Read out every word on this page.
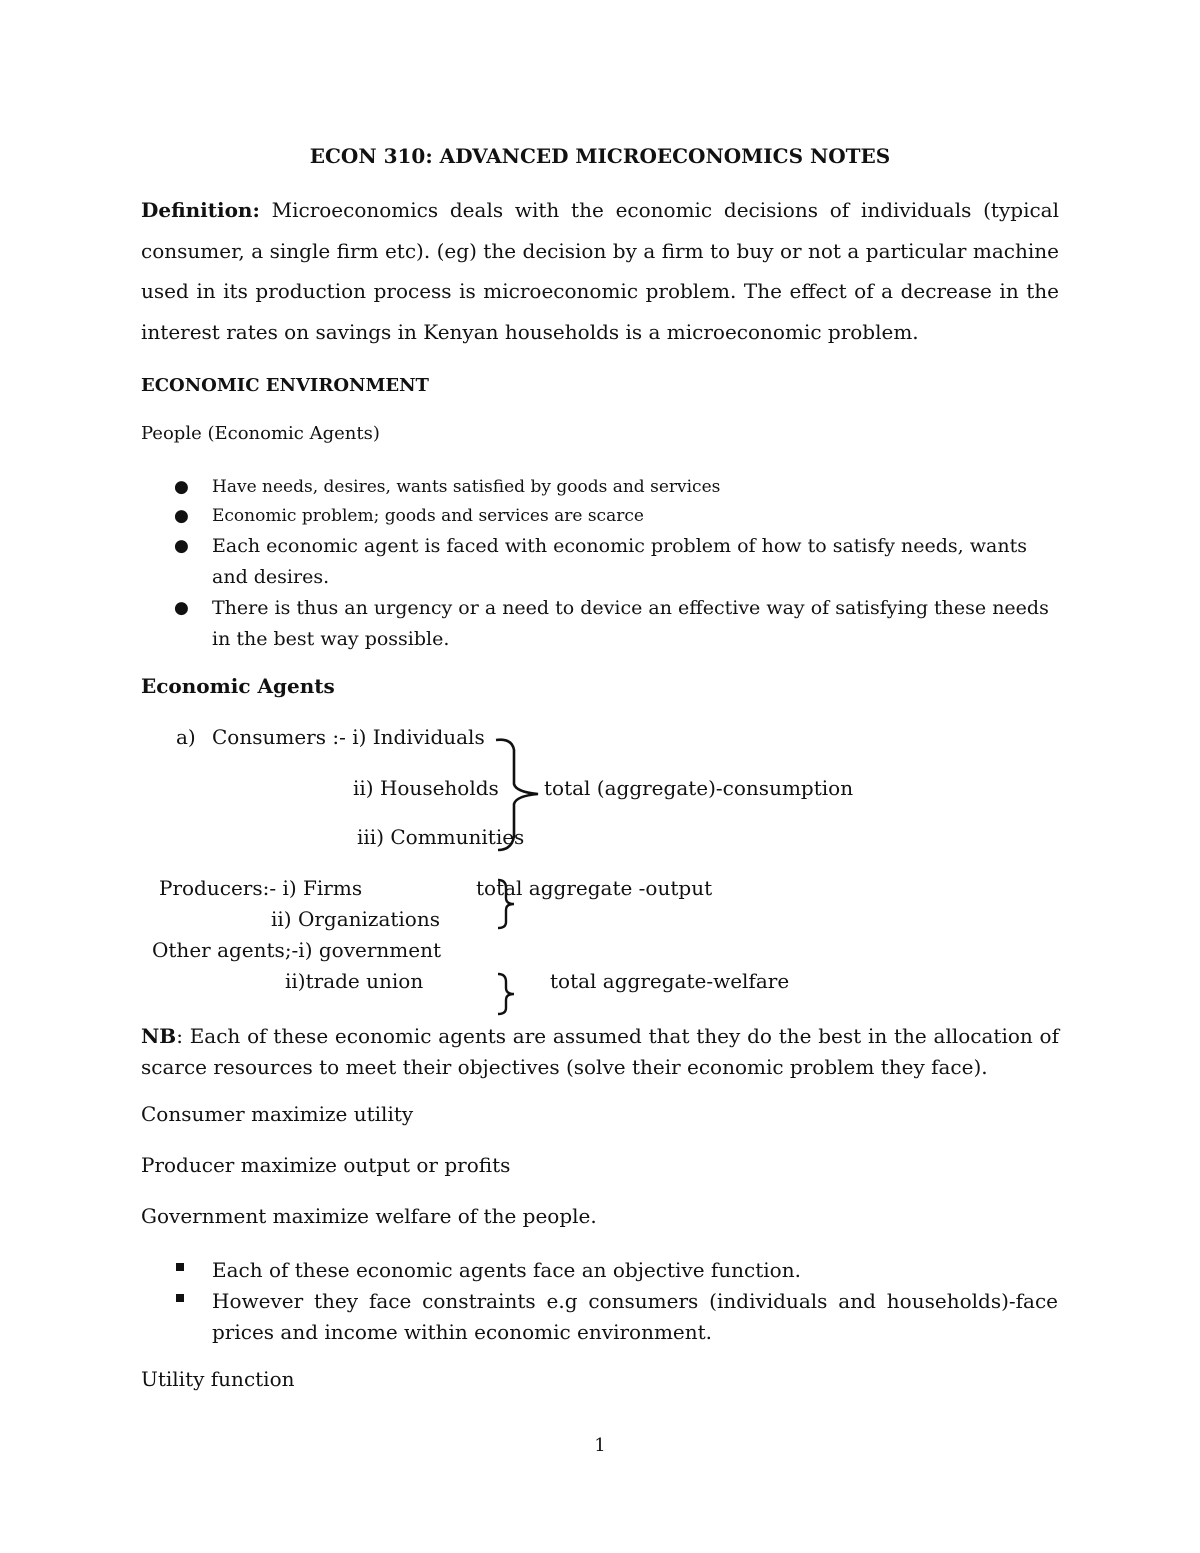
ECON 310: ADVANCED MICROECONOMICS NOTES
Definition: Microeconomics deals with the economic decisions of individuals (typical consumer, a single firm etc). (eg) the decision by a firm to buy or not a particular machine used in its production process is microeconomic problem. The effect of a decrease in the interest rates on savings in Kenyan households is a microeconomic problem.
ECONOMIC ENVIRONMENT
People (Economic Agents)
● Have needs, desires, wants satisfied by goods and services
● Economic problem; goods and services are scarce
● Each economic agent is faced with economic problem of how to satisfy needs, wants and desires.
● There is thus an urgency or a need to device an effective way of satisfying these needs in the best way possible.
Economic Agents
a) Consumers :- i) Individuals
ii) Households total (aggregate)-consumption
iii) Communities
Producers:- i) Firms	total aggregate -output
ii) Organizations
Other agents;-i) government
ii)trade union	total aggregate-welfare
NB: Each of these economic agents are assumed that they do the best in the allocation of scarce resources to meet their objectives (solve their economic problem they face).
Consumer maximize utility
Producer maximize output or profits
Government maximize welfare of the people.
Each of these economic agents face an objective function.
However they face constraints e.g consumers (individuals and households)-face prices and income within economic environment.
Utility function
1
